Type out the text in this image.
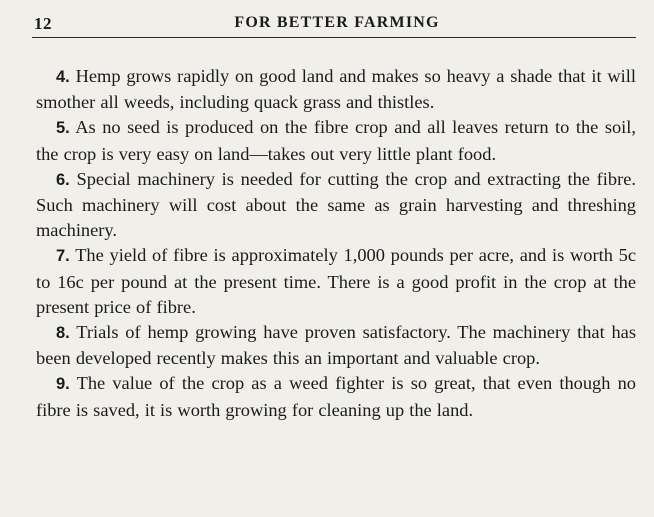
12	FOR BETTER FARMING

4. Hemp grows rapidly on good land and makes so heavy a shade that it will smother all weeds, including quack grass and thistles.

5. As no seed is produced on the fibre crop and all leaves return to the soil, the crop is very easy on land—takes out very little plant food.

6. Special machinery is needed for cutting the crop and extracting the fibre. Such machinery will cost about the same as grain harvesting and threshing machinery.

7. The yield of fibre is approximately 1,000 pounds per acre, and is worth 5c to 16c per pound at the present time. There is a good profit in the crop at the present price of fibre.

8. Trials of hemp growing have proven satisfactory. The machinery that has been developed recently makes this an important and valuable crop.

9. The value of the crop as a weed fighter is so great, that even though no fibre is saved, it is worth growing for cleaning up the land.
